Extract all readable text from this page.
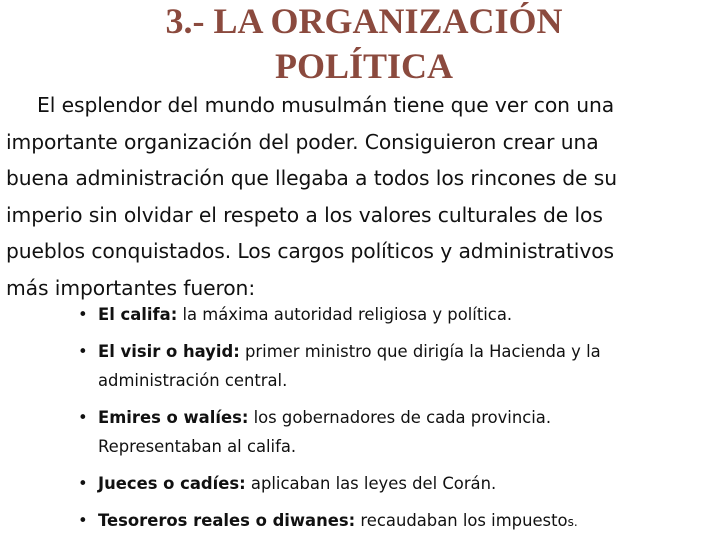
3.- LA ORGANIZACIÓN
POLÍTICA

El esplendor del mundo musulmán tiene que ver con una
importante organización del poder. Consiguieron crear una
buena administración que llegaba a todos los rincones de su
imperio sin olvidar el respeto a los valores culturales de los
pueblos conquistados. Los cargos políticos y administrativos
más importantes fueron:

• El califa: la máxima autoridad religiosa y política.
• El visir o hayid: primer ministro que dirigía la Hacienda y la
administración central.
• Emires o walíes: los gobernadores de cada provincia.
Representaban al califa.
• Jueces o cadíes: aplicaban las leyes del Corán.
• Tesoreros reales o diwanes: recaudaban los impuestos.
